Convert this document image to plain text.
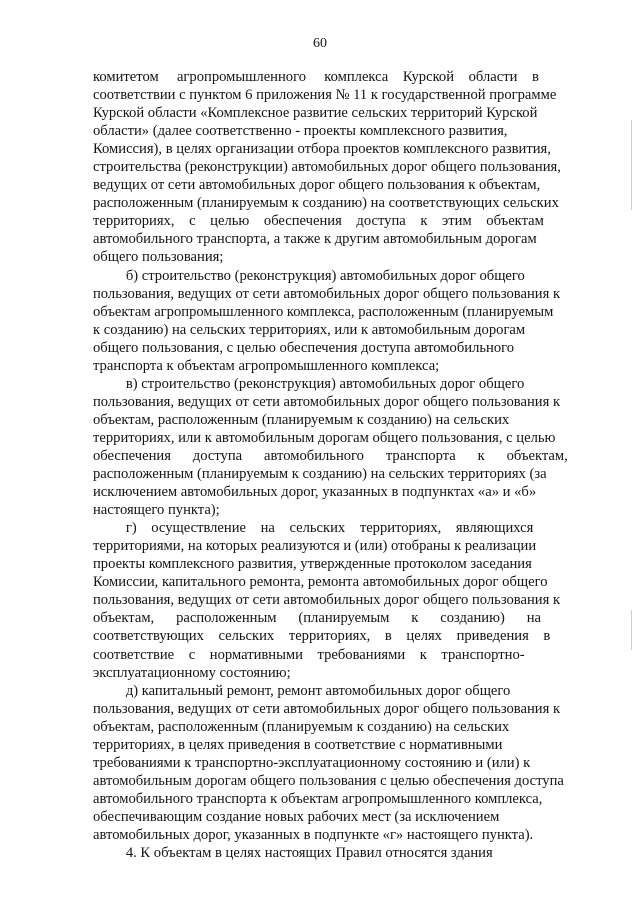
60
комитетом     агропромышленного     комплекса    Курской    области    в
соответствии с пунктом 6 приложения № 11 к государственной программе
Курской области «Комплексное развитие сельских территорий Курской
области» (далее соответственно - проекты комплексного развития,
Комиссия), в целях организации отбора проектов комплексного развития,
строительства (реконструкции) автомобильных дорог общего пользования,
ведущих от сети автомобильных дорог общего пользования к объектам,
расположенным (планируемым к созданию) на соответствующих сельских
территориях,    с    целью    обеспечения    доступа    к    этим    объектам
автомобильного транспорта, а также к другим автомобильным дорогам
общего пользования;
б) строительство (реконструкция) автомобильных дорог общего
пользования, ведущих от сети автомобильных дорог общего пользования к
объектам агропромышленного комплекса, расположенным (планируемым
к созданию) на сельских территориях, или к автомобильным дорогам
общего пользования, с целью обеспечения доступа автомобильного
транспорта к объектам агропромышленного комплекса;
в) строительство (реконструкция) автомобильных дорог общего
пользования, ведущих от сети автомобильных дорог общего пользования к
объектам, расположенным (планируемым к созданию) на сельских
территориях, или к автомобильным дорогам общего пользования, с целью
обеспечения      доступа      автомобильного      транспорта      к      объектам,
расположенным (планируемым к созданию) на сельских территориях (за
исключением автомобильных дорог, указанных в подпунктах «а» и «б»
настоящего пункта);
г)    осуществление    на    сельских    территориях,    являющихся
территориями, на которых реализуются и (или) отобраны к реализации
проекты комплексного развития, утвержденные протоколом заседания
Комиссии, капитального ремонта, ремонта автомобильных дорог общего
пользования, ведущих от сети автомобильных дорог общего пользования к
объектам,      расположенным      (планируемым      к      созданию)      на
соответствующих    сельских    территориях,    в    целях    приведения    в
соответствие    с    нормативными    требованиями    к    транспортно-
эксплуатационному состоянию;
д) капитальный ремонт, ремонт автомобильных дорог общего
пользования, ведущих от сети автомобильных дорог общего пользования к
объектам, расположенным (планируемым к созданию) на сельских
территориях, в целях приведения в соответствие с нормативными
требованиями к транспортно-эксплуатационному состоянию и (или) к
автомобильным дорогам общего пользования с целью обеспечения доступа
автомобильного транспорта к объектам агропромышленного комплекса,
обеспечивающим создание новых рабочих мест (за исключением
автомобильных дорог, указанных в подпункте «г» настоящего пункта).
4. К объектам в целях настоящих Правил относятся здания
